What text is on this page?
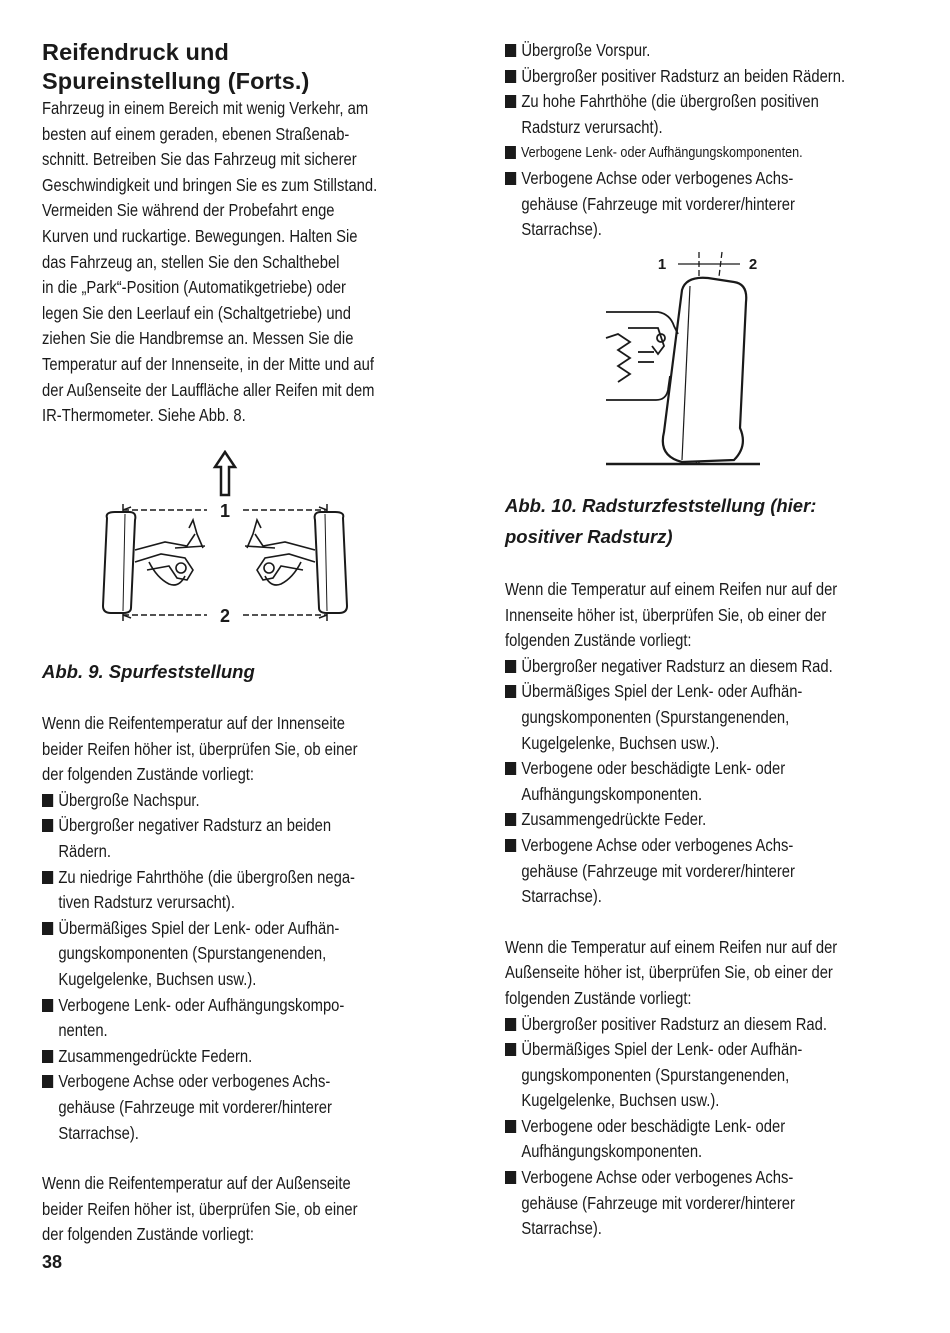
Reifendruck und
Spureinstellung (Forts.)

Fahrzeug in einem Bereich mit wenig Verkehr, am
besten auf einem geraden, ebenen Straßenab-
schnitt. Betreiben Sie das Fahrzeug mit sicherer
Geschwindigkeit und bringen Sie es zum Stillstand.
Vermeiden Sie während der Probefahrt enge
Kurven und ruckartige. Bewegungen. Halten Sie
das Fahrzeug an, stellen Sie den Schalthebel
in die „Park“-Position (Automatikgetriebe) oder
legen Sie den Leerlauf ein (Schaltgetriebe) und
ziehen Sie die Handbremse an. Messen Sie die
Temperatur auf der Innenseite, in der Mitte und auf
der Außenseite der Lauffläche aller Reifen mit dem
IR-Thermometer. Siehe Abb. 8.

1
2

Abb. 9. Spurfeststellung

Wenn die Reifentemperatur auf der Innenseite
beider Reifen höher ist, überprüfen Sie, ob einer
der folgenden Zustände vorliegt:

Übergroße Nachspur.
Übergroßer negativer Radsturz an beiden
Rädern.
Zu niedrige Fahrthöhe (die übergroßen nega-
tiven Radsturz verursacht).
Übermäßiges Spiel der Lenk- oder Aufhän-
gungskomponenten (Spurstangenenden,
Kugelgelenke, Buchsen usw.).
Verbogene Lenk- oder Aufhängungskompo-
nenten.
Zusammengedrückte Federn.
Verbogene Achse oder verbogenes Achs-
gehäuse (Fahrzeuge mit vorderer/hinterer
Starrachse).

Wenn die Reifentemperatur auf der Außenseite
beider Reifen höher ist, überprüfen Sie, ob einer
der folgenden Zustände vorliegt:

38
Übergroße Vorspur.
Übergroßer positiver Radsturz an beiden Rädern.
Zu hohe Fahrthöhe (die übergroßen positiven
Radsturz verursacht).
Verbogene Lenk- oder Aufhängungskomponenten.
Verbogene Achse oder verbogenes Achs-
gehäuse (Fahrzeuge mit vorderer/hinterer
Starrachse).
1	2

Abb. 10. Radsturzfeststellung (hier:
positiver Radsturz)

Wenn die Temperatur auf einem Reifen nur auf der
Innenseite höher ist, überprüfen Sie, ob einer der
folgenden Zustände vorliegt:

Übergroßer negativer Radsturz an diesem Rad.
Übermäßiges Spiel der Lenk- oder Aufhän-
gungskomponenten (Spurstangenenden,
Kugelgelenke, Buchsen usw.).
Verbogene oder beschädigte Lenk- oder
Aufhängungskomponenten.
Zusammengedrückte Feder.
Verbogene Achse oder verbogenes Achs-
gehäuse (Fahrzeuge mit vorderer/hinterer
Starrachse).

Wenn die Temperatur auf einem Reifen nur auf der
Außenseite höher ist, überprüfen Sie, ob einer der
folgenden Zustände vorliegt:

Übergroßer positiver Radsturz an diesem Rad.
Übermäßiges Spiel der Lenk- oder Aufhän-
gungskomponenten (Spurstangenenden,
Kugelgelenke, Buchsen usw.).
Verbogene oder beschädigte Lenk- oder
Aufhängungskomponenten.
Verbogene Achse oder verbogenes Achs-
gehäuse (Fahrzeuge mit vorderer/hinterer
Starrachse).
